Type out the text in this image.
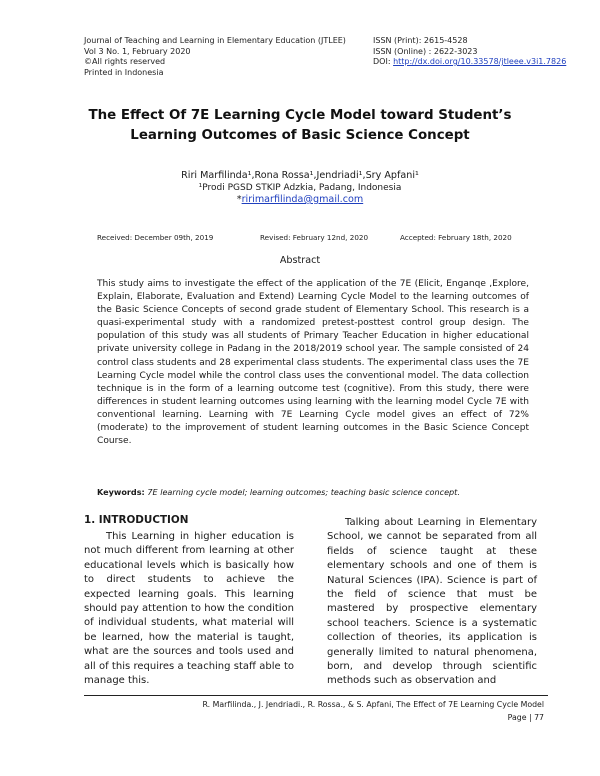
Journal of Teaching and Learning in Elementary Education (JTLEE)
Vol 3 No. 1, February 2020
©All rights reserved
Printed in Indonesia
ISSN (Print): 2615-4528
ISSN (Online) : 2622-3023
DOI: http://dx.doi.org/10.33578/jtleee.v3i1.7826
The Effect Of 7E Learning Cycle Model toward Student’s Learning Outcomes of Basic Science Concept
Riri Marfilinda¹,Rona Rossa¹,Jendriadi¹,Sry Apfani¹
¹Prodi PGSD STKIP Adzkia, Padang, Indonesia
*ririmarfilinda@gmail.com
Received: December 09th, 2019	Revised: February 12nd, 2020	Accepted: February 18th, 2020
Abstract

This study aims to investigate the effect of the application of the 7E (Elicit, Enganqe ,Explore, Explain, Elaborate, Evaluation and Extend) Learning Cycle Model to the learning outcomes of the Basic Science Concepts of second grade student of Elementary School. This research is a quasi-experimental study with a randomized pretest-posttest control group design. The population of this study was all students of Primary Teacher Education in higher educational private university college in Padang in the 2018/2019 school year. The sample consisted of 24 control class students and 28 experimental class students. The experimental class uses the 7E Learning Cycle model while the control class uses the conventional model. The data collection technique is in the form of a learning outcome test (cognitive). From this study, there were differences in student learning outcomes using learning with the learning model Cycle 7E with conventional learning. Learning with 7E Learning Cycle model gives an effect of 72% (moderate) to the improvement of student learning outcomes in the Basic Science Concept Course.

Keywords: 7E learning cycle model; learning outcomes; teaching basic science concept.
1. INTRODUCTION

This Learning in higher education is not much different from learning at other educational levels which is basically how to direct students to achieve the expected learning goals. This learning should pay attention to how the condition of individual students, what material will be learned, how the material is taught, what are the sources and tools used and all of this requires a teaching staff able to manage this.

Talking about Learning in Elementary School, we cannot be separated from all fields of science taught at these elementary schools and one of them is Natural Sciences (IPA). Science is part of the field of science that must be mastered by prospective elementary school teachers. Science is a systematic collection of theories, its application is generally limited to natural phenomena, born, and develop through scientific methods such as observation and

R. Marfilinda., J. Jendriadi., R. Rossa., & S. Apfani, The Effect of 7E Learning Cycle Model
Page | 77
